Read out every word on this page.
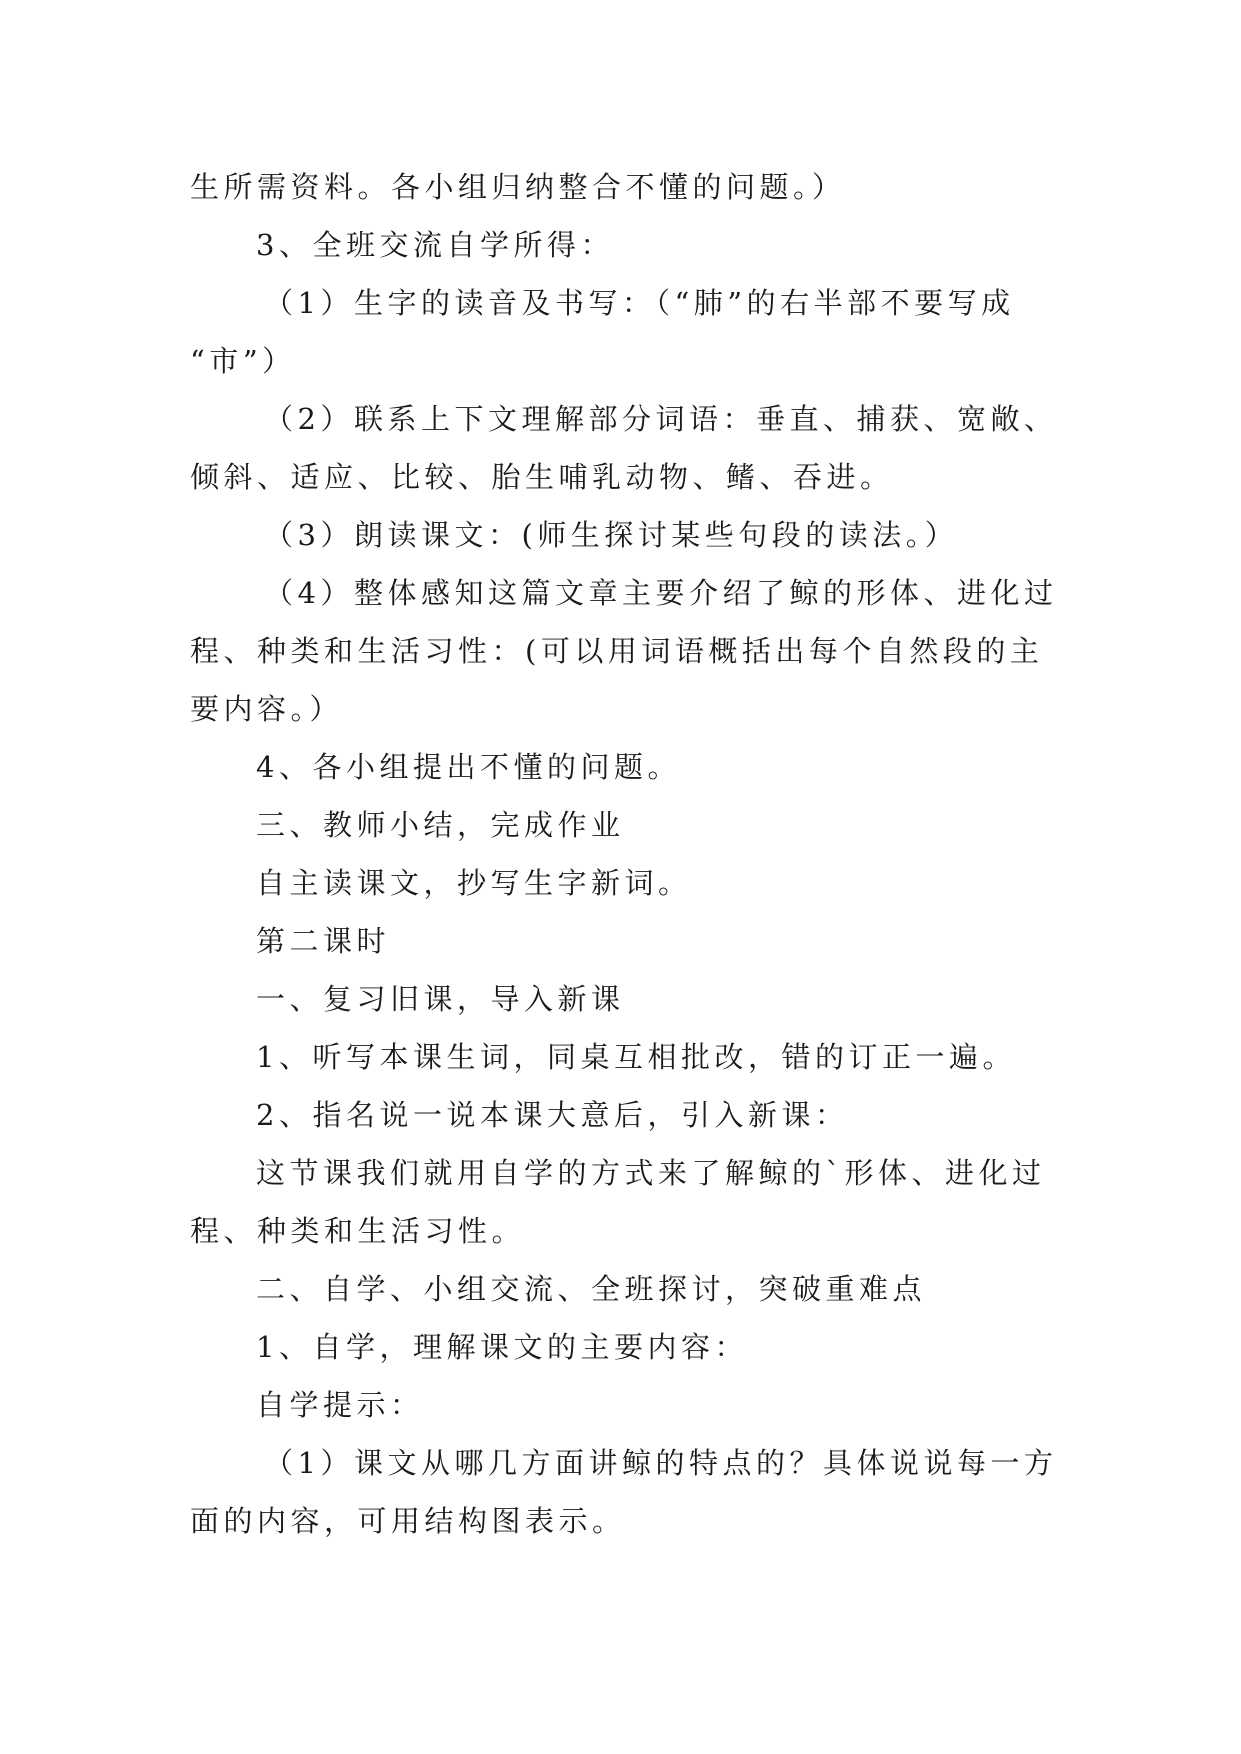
生所需资料。各小组归纳整合不懂的问题。）
3、全班交流自学所得：
（1）生字的读音及书写：（“肺”的右半部不要写成
“市”）
（2）联系上下文理解部分词语：垂直、捕获、宽敞、
倾斜、适应、比较、胎生哺乳动物、鳍、吞进。
（3）朗读课文：(师生探讨某些句段的读法。）
（4）整体感知这篇文章主要介绍了鲸的形体、进化过
程、种类和生活习性：(可以用词语概括出每个自然段的主
要内容。）
4、各小组提出不懂的问题。
三、教师小结，完成作业
自主读课文，抄写生字新词。
第二课时
一、复习旧课，导入新课
1、听写本课生词，同桌互相批改，错的订正一遍。
2、指名说一说本课大意后，引入新课：
这节课我们就用自学的方式来了解鲸的`形体、进化过
程、种类和生活习性。
二、自学、小组交流、全班探讨，突破重难点
1、自学，理解课文的主要内容：
自学提示：
（1）课文从哪几方面讲鲸的特点的？具体说说每一方
面的内容，可用结构图表示。
